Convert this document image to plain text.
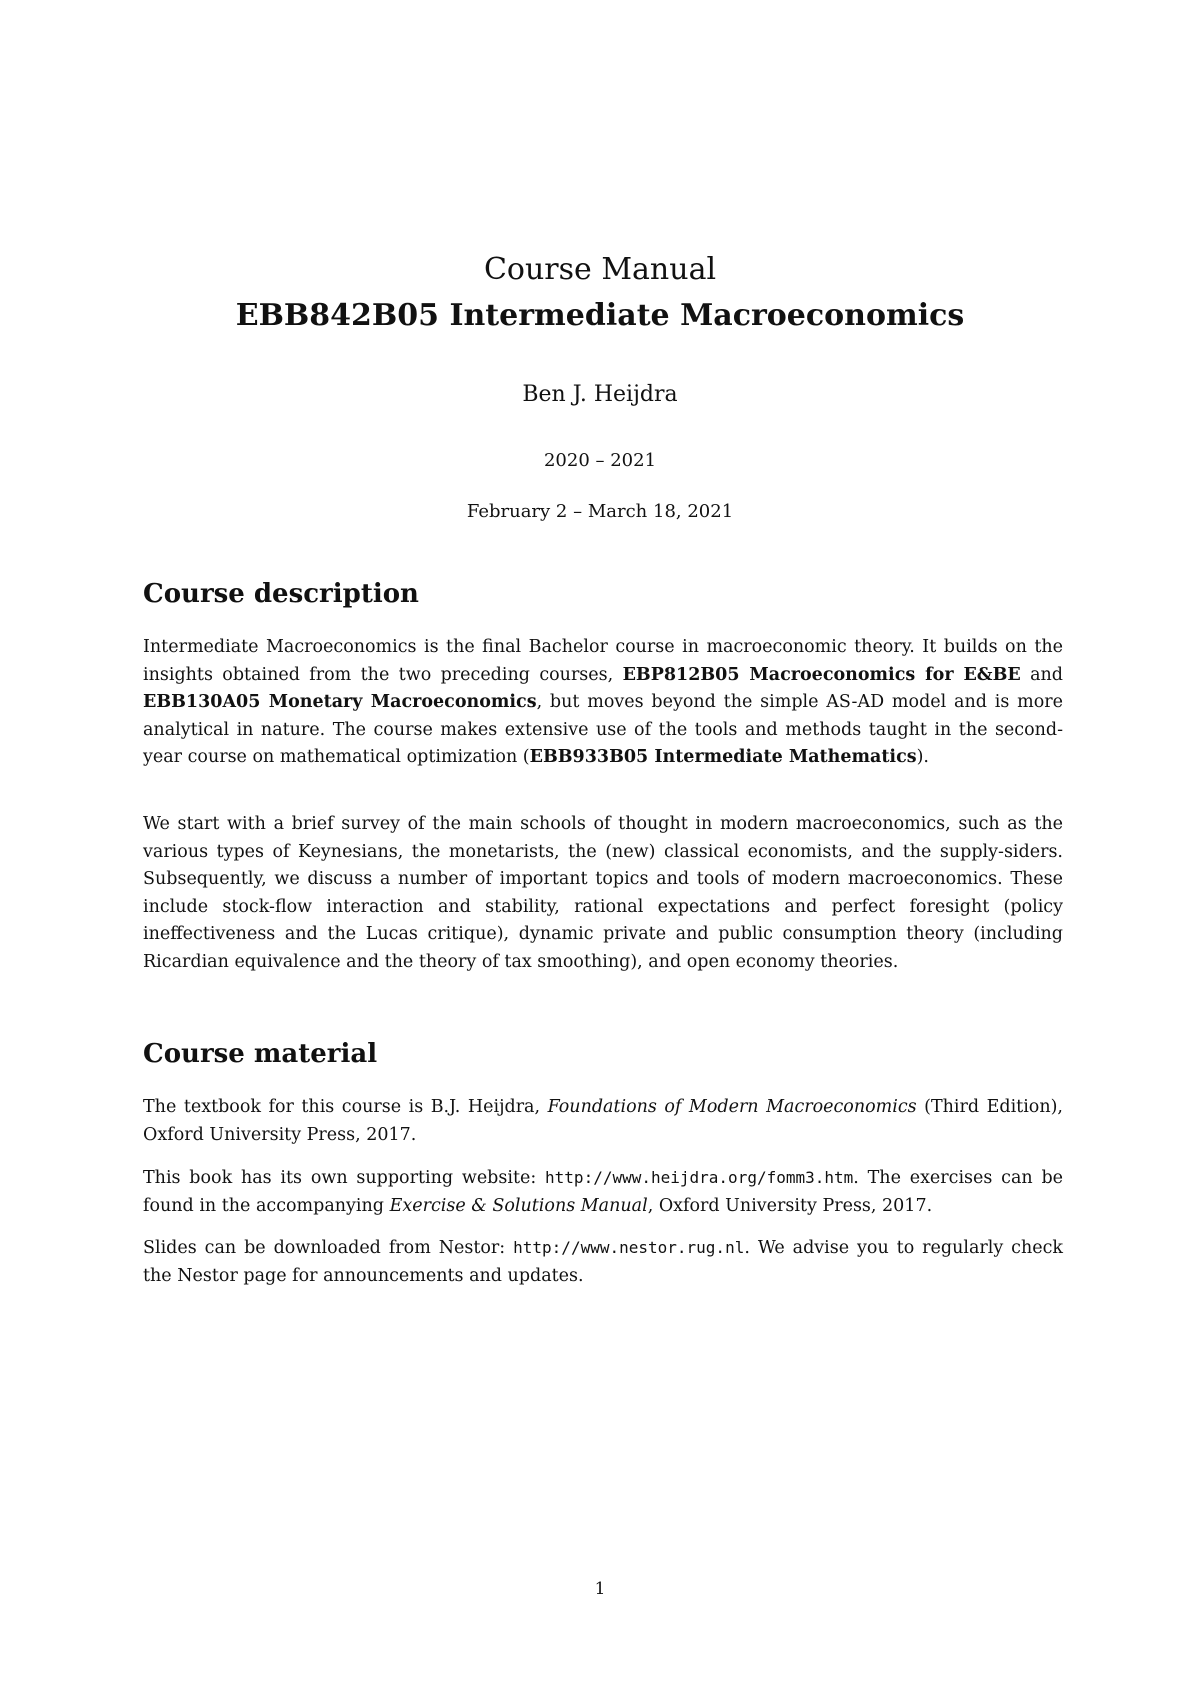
Course Manual
EBB842B05 Intermediate Macroeconomics
Ben J. Heijdra
2020 – 2021
February 2 – March 18, 2021
Course description

Intermediate Macroeconomics is the final Bachelor course in macroeconomic theory. It builds on the insights obtained from the two preceding courses, EBP812B05 Macroeconomics for E&BE and EBB130A05 Monetary Macroeconomics, but moves beyond the simple AS-AD model and is more analytical in nature. The course makes extensive use of the tools and methods taught in the second-year course on mathematical optimization (EBB933B05 Intermediate Mathematics).

We start with a brief survey of the main schools of thought in modern macroeconomics, such as the various types of Keynesians, the monetarists, the (new) classical economists, and the supply-siders. Subsequently, we discuss a number of important topics and tools of modern macroeconomics. These include stock-flow interaction and stability, rational expectations and perfect foresight (policy ineffectiveness and the Lucas critique), dynamic private and public consumption theory (including Ricardian equivalence and the theory of tax smoothing), and open economy theories.

Course material

The textbook for this course is B.J. Heijdra, Foundations of Modern Macroeconomics (Third Edition), Oxford University Press, 2017.

This book has its own supporting website: http://www.heijdra.org/fomm3.htm. The exercises can be found in the accompanying Exercise & Solutions Manual, Oxford University Press, 2017.

Slides can be downloaded from Nestor: http://www.nestor.rug.nl. We advise you to regularly check the Nestor page for announcements and updates.

1
